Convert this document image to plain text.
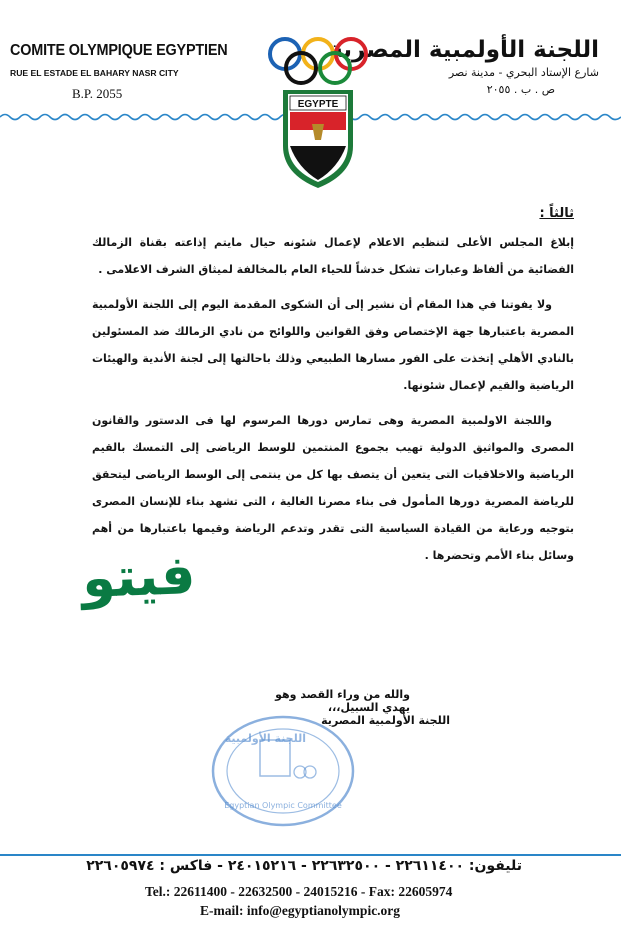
COMITE OLYMPIQUE EGYPTIEN
RUE EL ESTADE EL BAHARY NASR CITY
B.P. 2055
اللجنة الأولمبية المصرية
شارع الإستاد البحري - مدينة نصر
ص . ب . ٢٠٥٥
EGYPTE
ثالثاً :

إبلاغ المجلس الأعلى لتنظيم الاعلام لإعمال شئونه حيال مايتم إذاعته بقناة الزمالك الفضائية من ألفاظ وعبارات تشكل خدشاً للحياء العام بالمخالفة لميثاق الشرف الاعلامى .

ولا يفوتنا في هذا المقام أن نشير إلى أن الشكوى المقدمة اليوم إلى اللجنة الأولمبية المصرية باعتبارها جهة الإختصاص وفق القوانين واللوائح من نادي الزمالك ضد المسئولين بالنادي الأهلي إتخذت على الفور مسارها الطبيعي وذلك باحالتها إلى لجنة الأندية والهيئات الرياضية والقيم لإعمال شئونها.

واللجنة الاولمبية المصرية وهى تمارس دورها المرسوم لها فى الدستور والقانون المصرى والمواثيق الدولية تهيب بجموع المنتمين للوسط الرياضى إلى التمسك بالقيم الرياضية والاخلاقيات التى يتعين أن يتصف بها كل من ينتمى إلى الوسط الرياضى ليتحقق للرياضة المصرية دورها المأمول فى بناء مصرنا الغالية ، التى تشهد بناء للإنسان المصرى بتوجيه ورعاية من القيادة السياسية التى تقدر وتدعم الرياضة وقيمها باعتبارها من أهم وسائل بناء الأمم وتحضرها .

والله من وراء القصد وهو يهدي السبيل،،،
اللجنة الأولمبية المصرية
فيتو
اللجنة الأولمبية
Egyptian Olympic Committee
تليفون: ٢٢٦١١٤٠٠ - ٢٢٦٣٢٥٠٠ - ٢٤٠١٥٢١٦ - فاكس : ٢٢٦٠٥٩٧٤
Tel.: 22611400 - 22632500 - 24015216 - Fax: 22605974
E-mail: info@egyptianolympic.org
